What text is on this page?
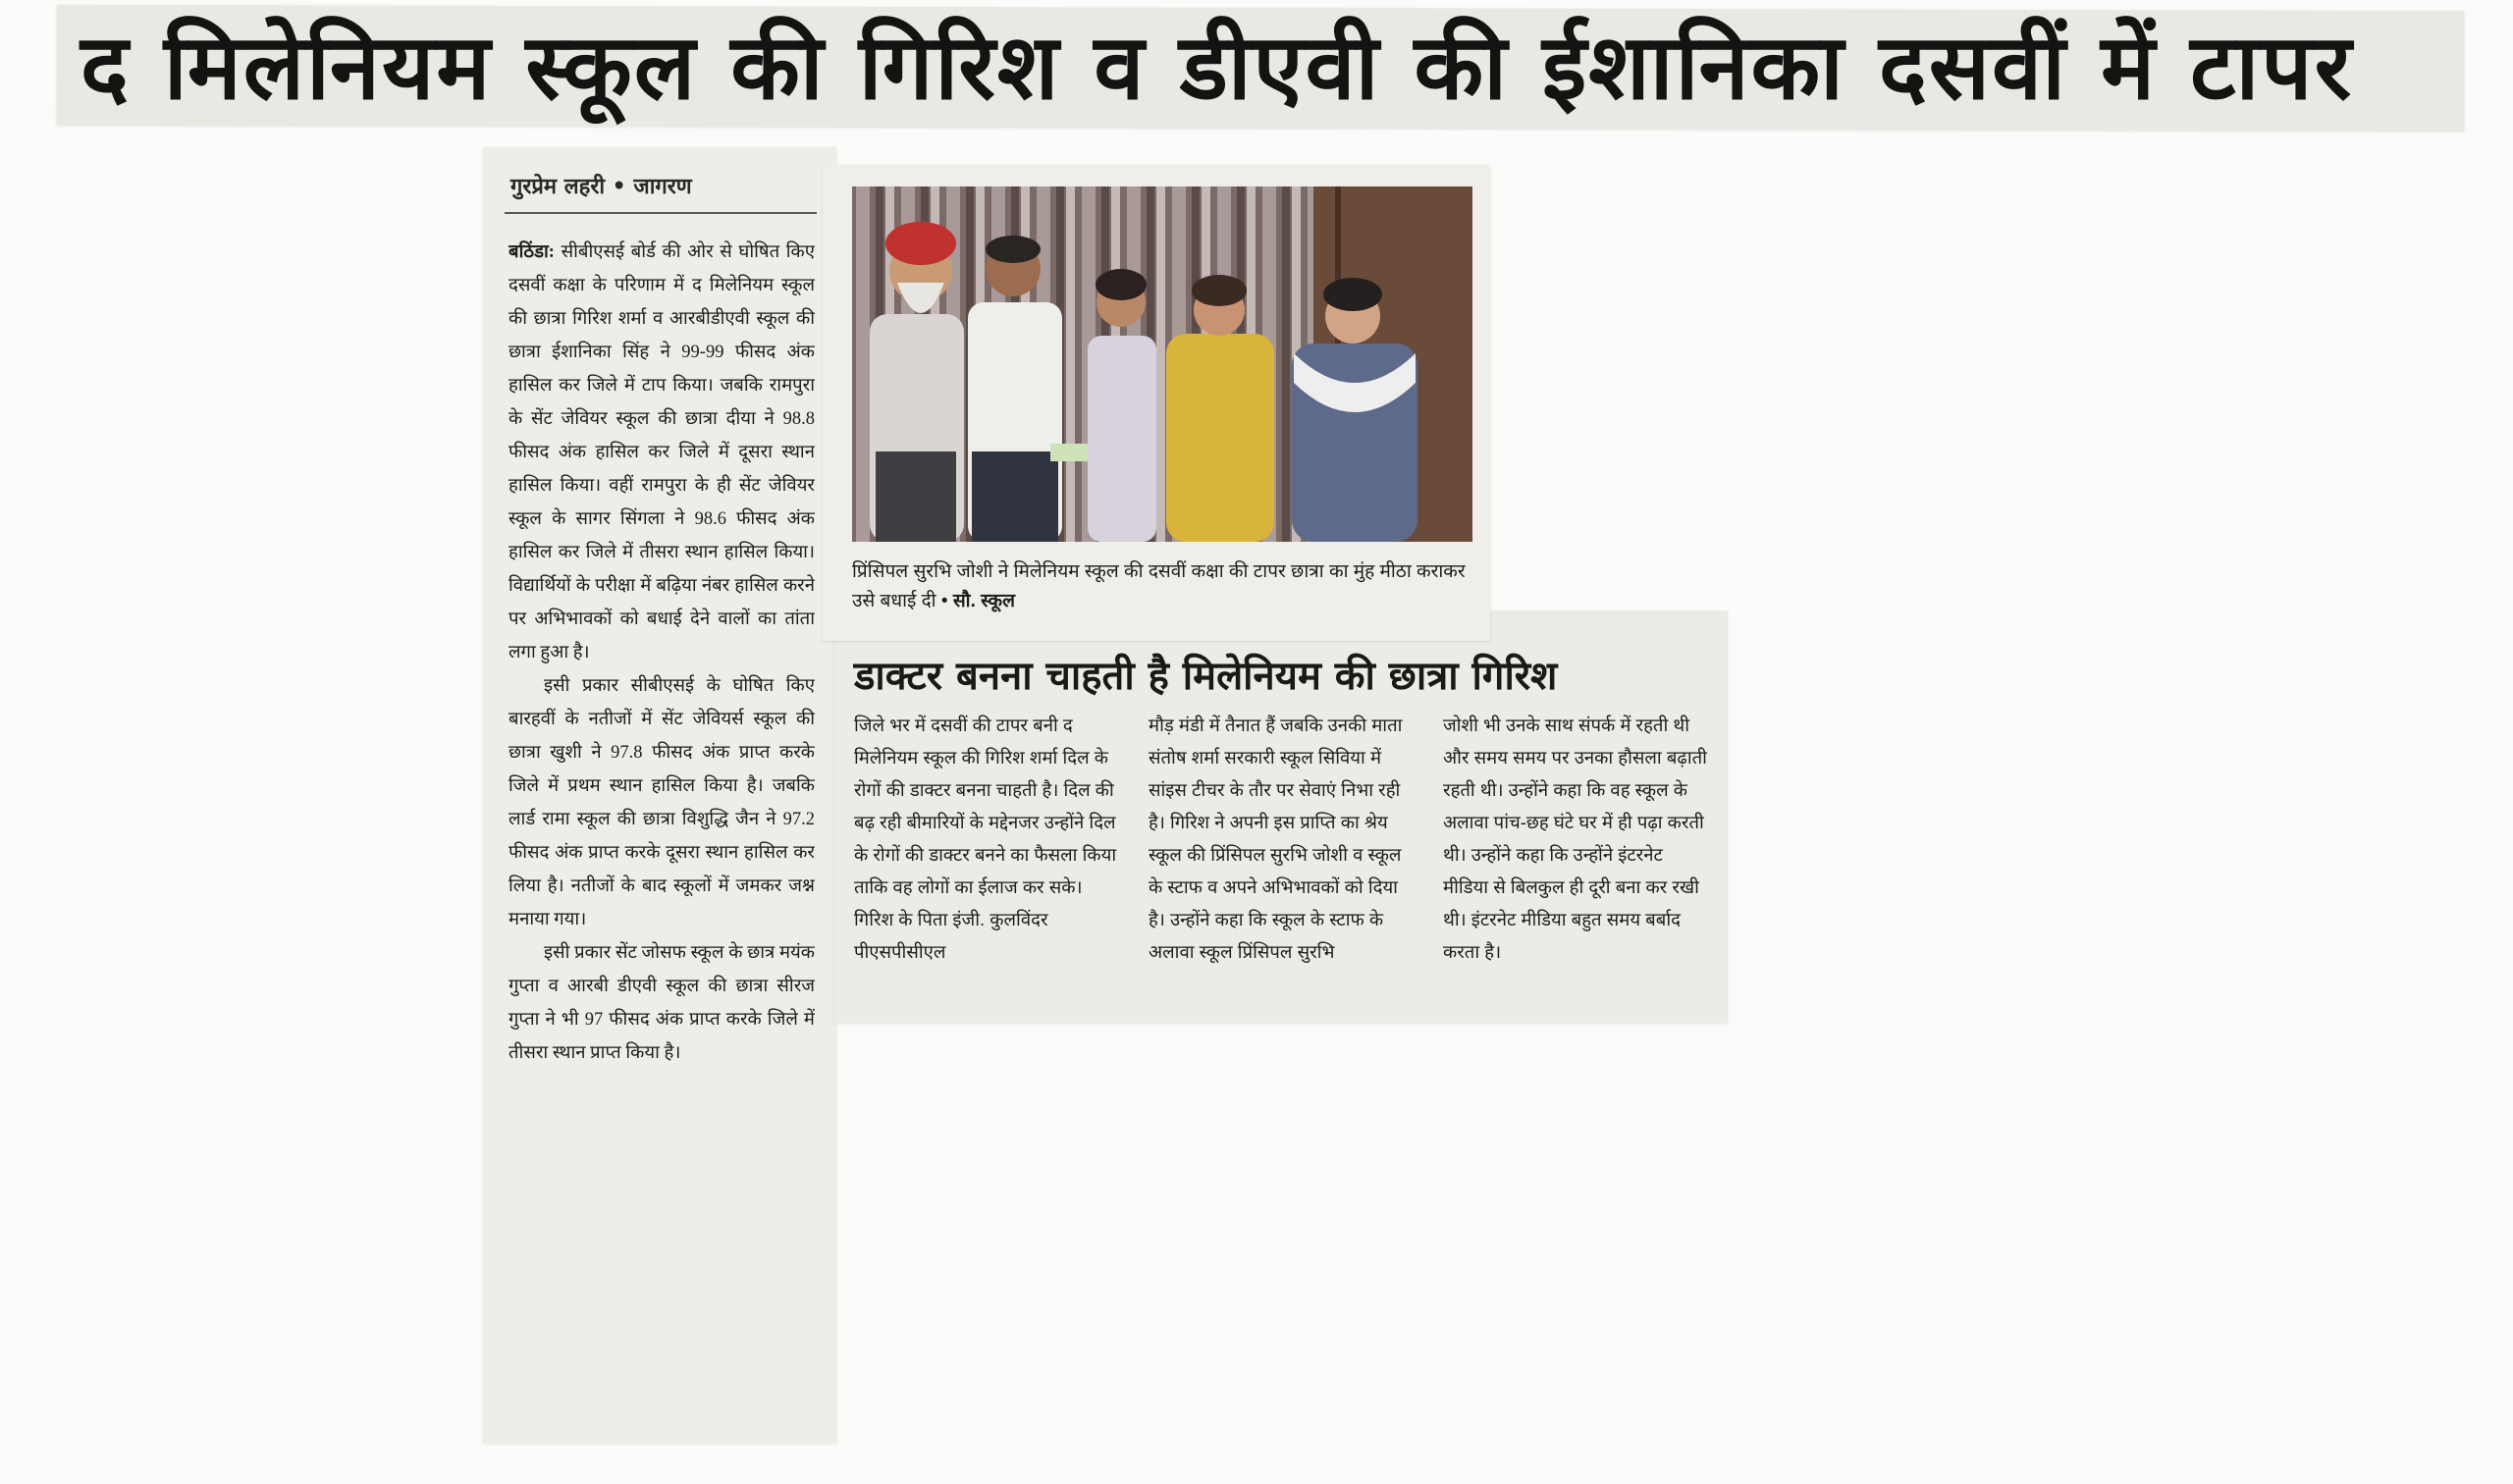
द मिलेनियम स्कूल की गिरिश व डीएवी की ईशानिका दसवीं में टापर
गुरप्रेम लहरी • जागरण

बठिंडा: सीबीएसई बोर्ड की ओर से घोषित किए दसवीं कक्षा के परिणाम में द मिलेनियम स्कूल की छात्रा गिरिश शर्मा व आरबीडीएवी स्कूल की छात्रा ईशानिका सिंह ने 99-99 फीसद अंक हासिल कर जिले में टाप किया। जबकि रामपुरा के सेंट जेवियर स्कूल की छात्रा दीया ने 98.8 फीसद अंक हासिल कर जिले में दूसरा स्थान हासिल किया। वहीं रामपुरा के ही सेंट जेवियर स्कूल के सागर सिंगला ने 98.6 फीसद अंक हासिल कर जिले में तीसरा स्थान हासिल किया। विद्यार्थियों के परीक्षा में बढ़िया नंबर हासिल करने पर अभिभावकों को बधाई देने वालों का तांता लगा हुआ है।

इसी प्रकार सीबीएसई के घोषित किए बारहवीं के नतीजों में सेंट जेवियर्स स्कूल की छात्रा खुशी ने 97.8 फीसद अंक प्राप्त करके जिले में प्रथम स्थान हासिल किया है। जबकि लार्ड रामा स्कूल की छात्रा विशुद्धि जैन ने 97.2 फीसद अंक प्राप्त करके दूसरा स्थान हासिल कर लिया है। नतीजों के बाद स्कूलों में जमकर जश्न मनाया गया।

इसी प्रकार सेंट जोसफ स्कूल के छात्र मयंक गुप्ता व आरबी डीएवी स्कूल की छात्रा सीरज गुप्ता ने भी 97 फीसद अंक प्राप्त करके जिले में तीसरा स्थान प्राप्त किया है।

डाक्टर बनना चाहती है मिलेनियम की छात्रा गिरिश

जिले भर में दसवीं की टापर बनी द मिलेनियम स्कूल की गिरिश शर्मा दिल के रोगों की डाक्टर बनना चाहती है। दिल की बढ़ रही बीमारियों के मद्देनजर उन्होंने दिल के रोगों की डाक्टर बनने का फैसला किया ताकि वह लोगों का ईलाज कर सके। गिरिश के पिता इंजी. कुलविंदर पीएसपीसीएल

मौड़ मंडी में तैनात हैं जबकि उनकी माता संतोष शर्मा सरकारी स्कूल सिविया में सांइस टीचर के तौर पर सेवाएं निभा रही है। गिरिश ने अपनी इस प्राप्ति का श्रेय स्कूल की प्रिंसिपल सुरभि जोशी व स्कूल के स्टाफ व अपने अभिभावकों को दिया है। उन्होंने कहा कि स्कूल के स्टाफ के अलावा स्कूल प्रिंसिपल सुरभि

जोशी भी उनके साथ संपर्क में रहती थी और समय समय पर उनका हौसला बढ़ाती रहती थी। उन्होंने कहा कि वह स्कूल के अलावा पांच-छह घंटे घर में ही पढ़ा करती थी। उन्होंने कहा कि उन्होंने इंटरनेट मीडिया से बिलकुल ही दूरी बना कर रखी थी। इंटरनेट मीडिया बहुत समय बर्बाद करता है।

प्रिंसिपल सुरभि जोशी ने मिलेनियम स्कूल की दसवीं कक्षा की टापर छात्रा का मुंह मीठा कराकर उसे बधाई दी • सौ. स्कूल
